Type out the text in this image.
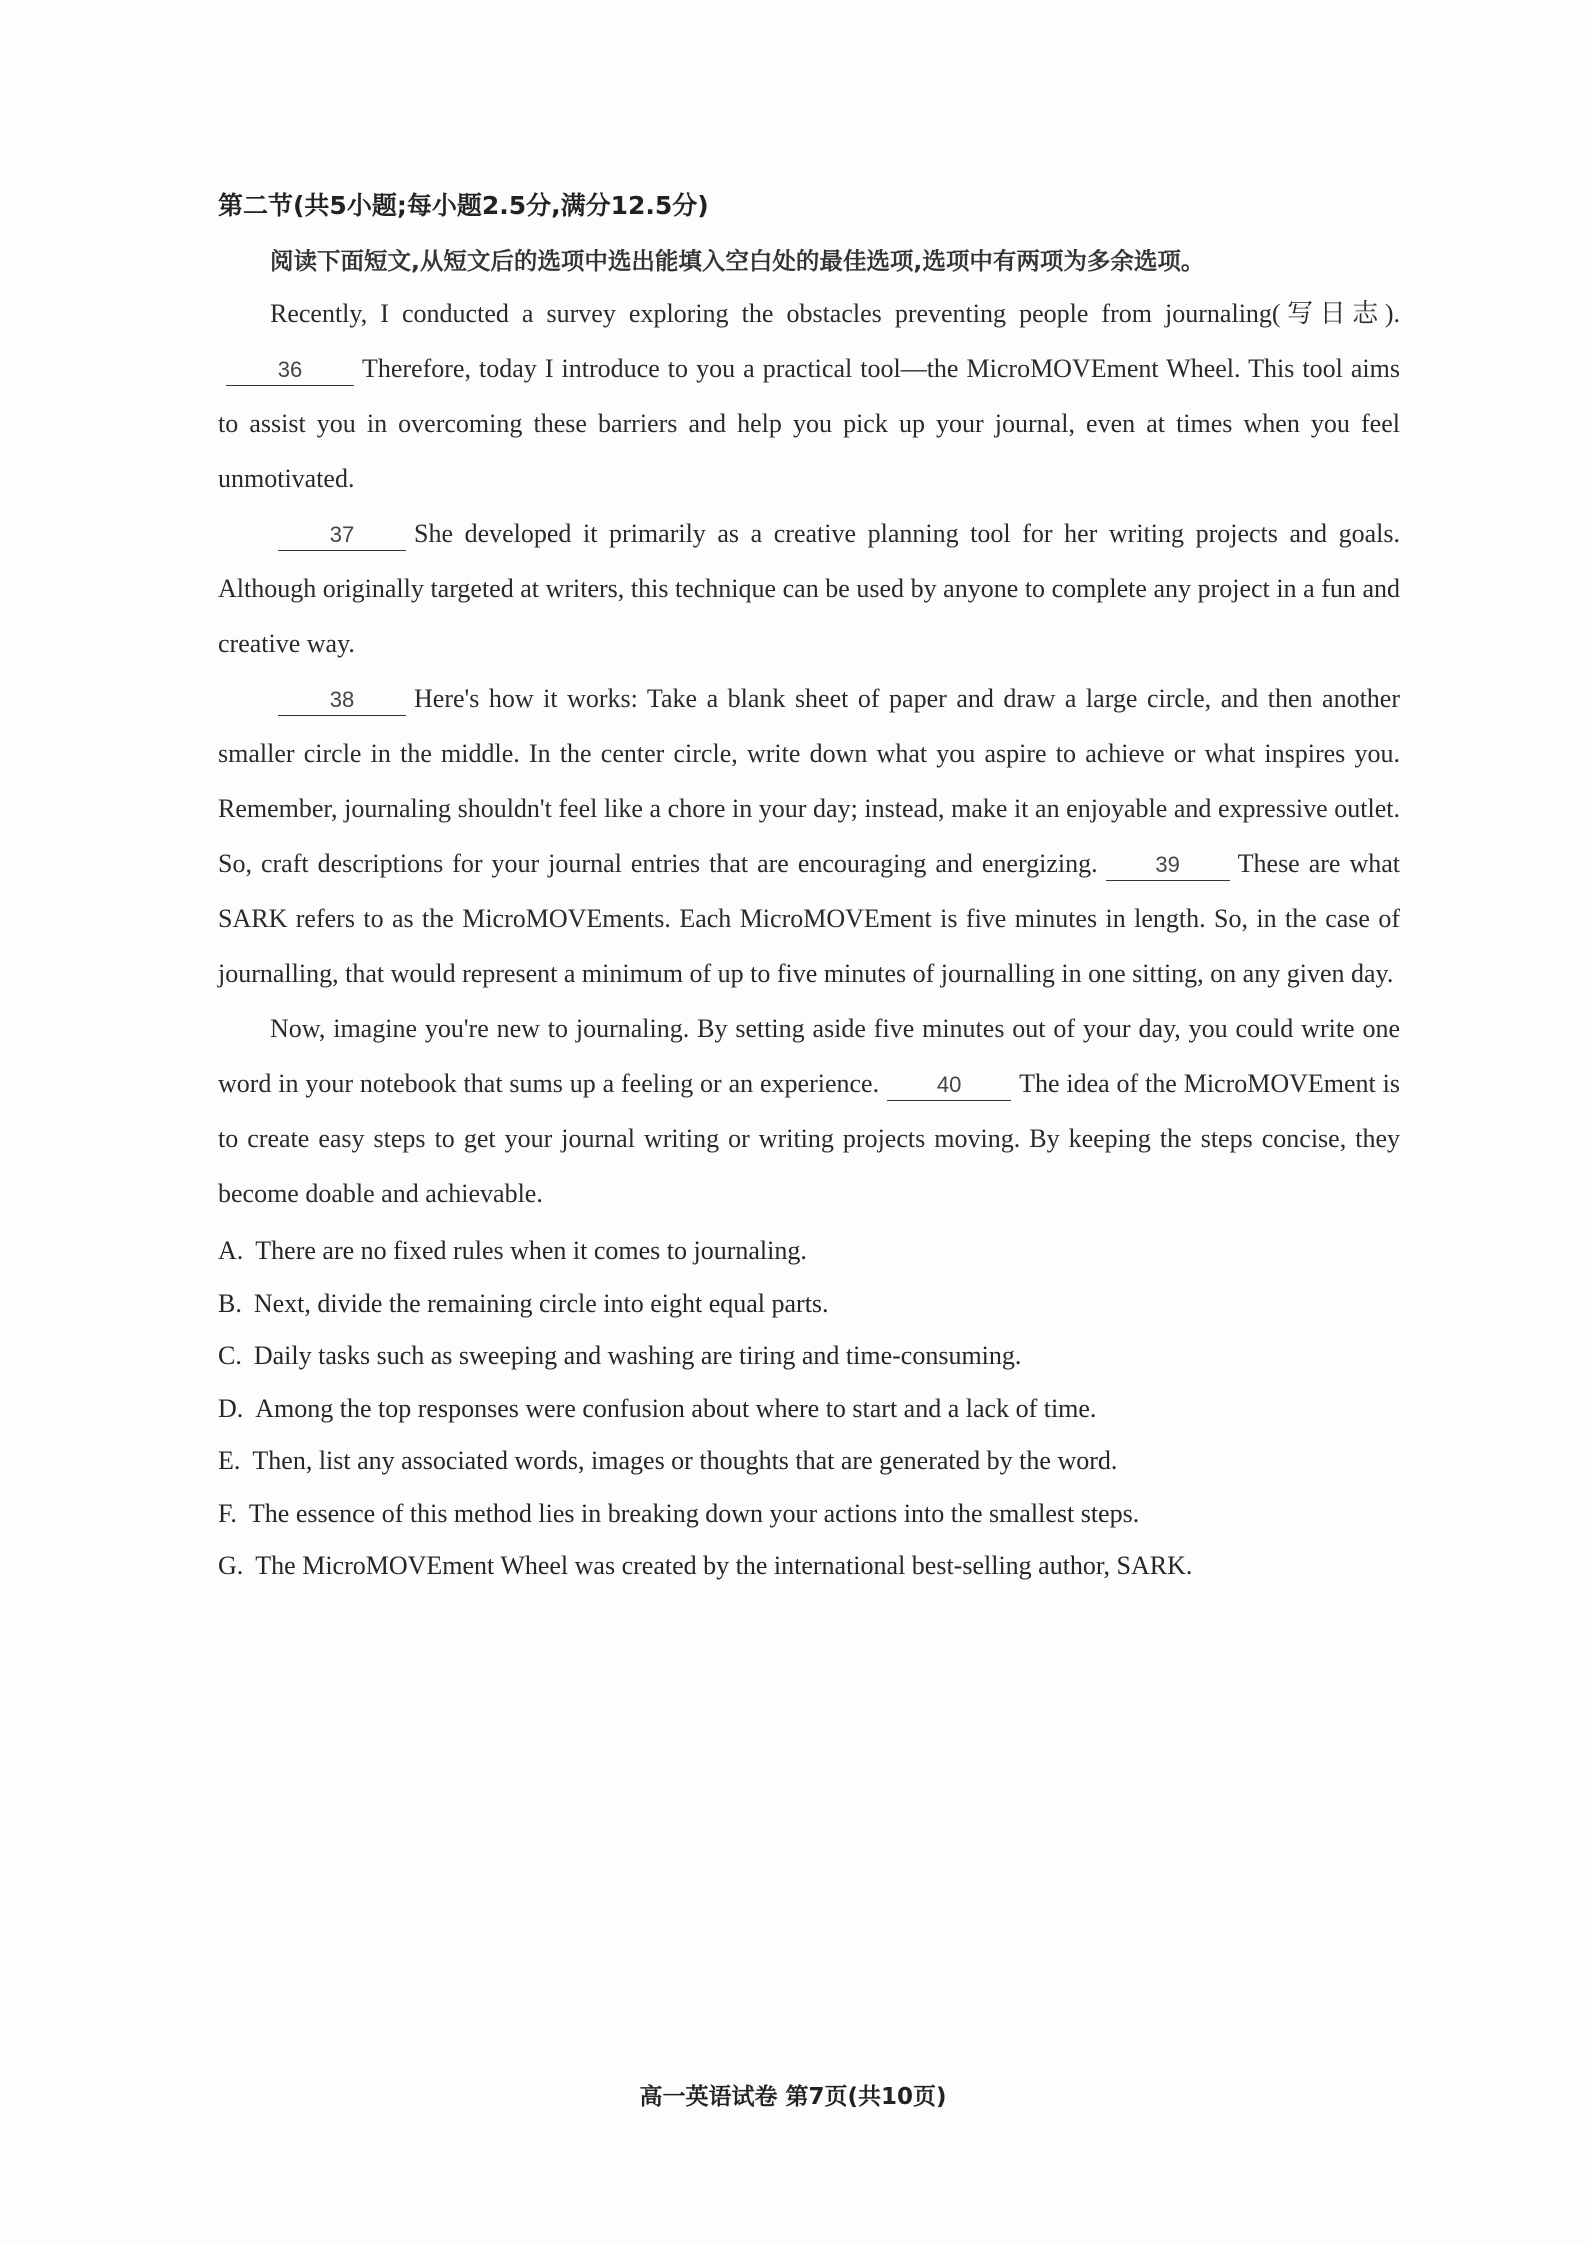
第二节(共5小题;每小题2.5分,满分12.5分)
阅读下面短文,从短文后的选项中选出能填入空白处的最佳选项,选项中有两项为多余选项。

Recently, I conducted a survey exploring the obstacles preventing people from journaling(写日志).36 Therefore, today I introduce to you a practical tool—the MicroMOVEment Wheel. This tool aims to assist you in overcoming these barriers and help you pick up your journal, even at times when you feel unmotivated.

37 She developed it primarily as a creative planning tool for her writing projects and goals. Although originally targeted at writers, this technique can be used by anyone to complete any project in a fun and creative way.

38 Here's how it works: Take a blank sheet of paper and draw a large circle, and then another smaller circle in the middle. In the center circle, write down what you aspire to achieve or what inspires you. Remember, journaling shouldn't feel like a chore in your day; instead, make it an enjoyable and expressive outlet. So, craft descriptions for your journal entries that are encouraging and energizing.	39 These are what SARK refers to as the MicroMOVEments. Each MicroMOVEment is five minutes in length. So, in the case of journalling, that would represent a minimum of up to five minutes of journalling in one sitting, on any given day.

Now, imagine you're new to journaling. By setting aside five minutes out of your day, you could write one word in your notebook that sums up a feeling or an experience.	40 The idea of the MicroMOVEment is to create easy steps to get your journal writing or writing projects moving. By keeping the steps concise, they become doable and achievable.

A. There are no fixed rules when it comes to journaling.
B. Next, divide the remaining circle into eight equal parts.
C. Daily tasks such as sweeping and washing are tiring and time-consuming.
D. Among the top responses were confusion about where to start and a lack of time.
E. Then, list any associated words, images or thoughts that are generated by the word.
F. The essence of this method lies in breaking down your actions into the smallest steps.
G. The MicroMOVEment Wheel was created by the international best-selling author, SARK.
高一英语试卷 第7页(共10页)
